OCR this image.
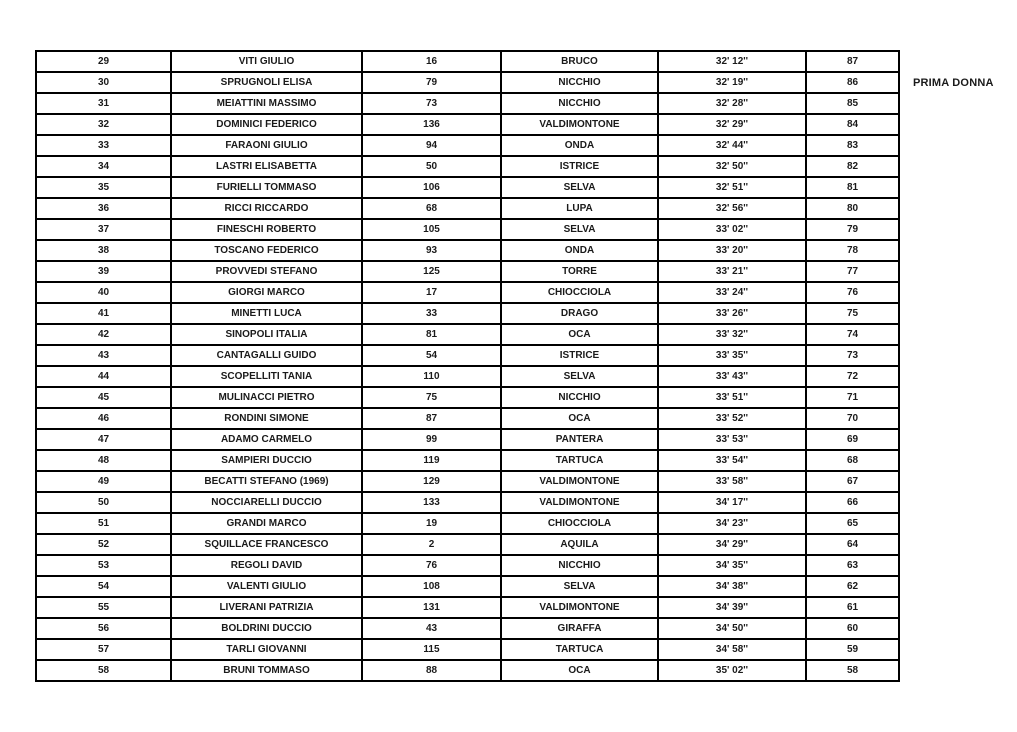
29	VITI GIULIO	16	BRUCO	32' 12''	87
30	SPRUGNOLI ELISA	79	NICCHIO	32' 19''	86
31	MEIATTINI MASSIMO	73	NICCHIO	32' 28''	85
32	DOMINICI FEDERICO	136	VALDIMONTONE	32' 29''	84
33	FARAONI GIULIO	94	ONDA	32' 44''	83
34	LASTRI ELISABETTA	50	ISTRICE	32' 50''	82
35	FURIELLI TOMMASO	106	SELVA	32' 51''	81
36	RICCI RICCARDO	68	LUPA	32' 56''	80
37	FINESCHI ROBERTO	105	SELVA	33' 02''	79
38	TOSCANO FEDERICO	93	ONDA	33' 20''	78
39	PROVVEDI STEFANO	125	TORRE	33' 21''	77
40	GIORGI MARCO	17	CHIOCCIOLA	33' 24''	76
41	MINETTI LUCA	33	DRAGO	33' 26''	75
42	SINOPOLI ITALIA	81	OCA	33' 32''	74
43	CANTAGALLI GUIDO	54	ISTRICE	33' 35''	73
44	SCOPELLITI TANIA	110	SELVA	33' 43''	72
45	MULINACCI PIETRO	75	NICCHIO	33' 51''	71
46	RONDINI SIMONE	87	OCA	33' 52''	70
47	ADAMO CARMELO	99	PANTERA	33' 53''	69
48	SAMPIERI DUCCIO	119	TARTUCA	33' 54''	68
49	BECATTI STEFANO (1969)	129	VALDIMONTONE	33' 58''	67
50	NOCCIARELLI DUCCIO	133	VALDIMONTONE	34' 17''	66
51	GRANDI MARCO	19	CHIOCCIOLA	34' 23''	65
52	SQUILLACE FRANCESCO	2	AQUILA	34' 29''	64
53	REGOLI DAVID	76	NICCHIO	34' 35''	63
54	VALENTI GIULIO	108	SELVA	34' 38''	62
55	LIVERANI PATRIZIA	131	VALDIMONTONE	34' 39''	61
56	BOLDRINI DUCCIO	43	GIRAFFA	34' 50''	60
57	TARLI GIOVANNI	115	TARTUCA	34' 58''	59
58	BRUNI TOMMASO	88	OCA	35' 02''	58
PRIMA DONNA
